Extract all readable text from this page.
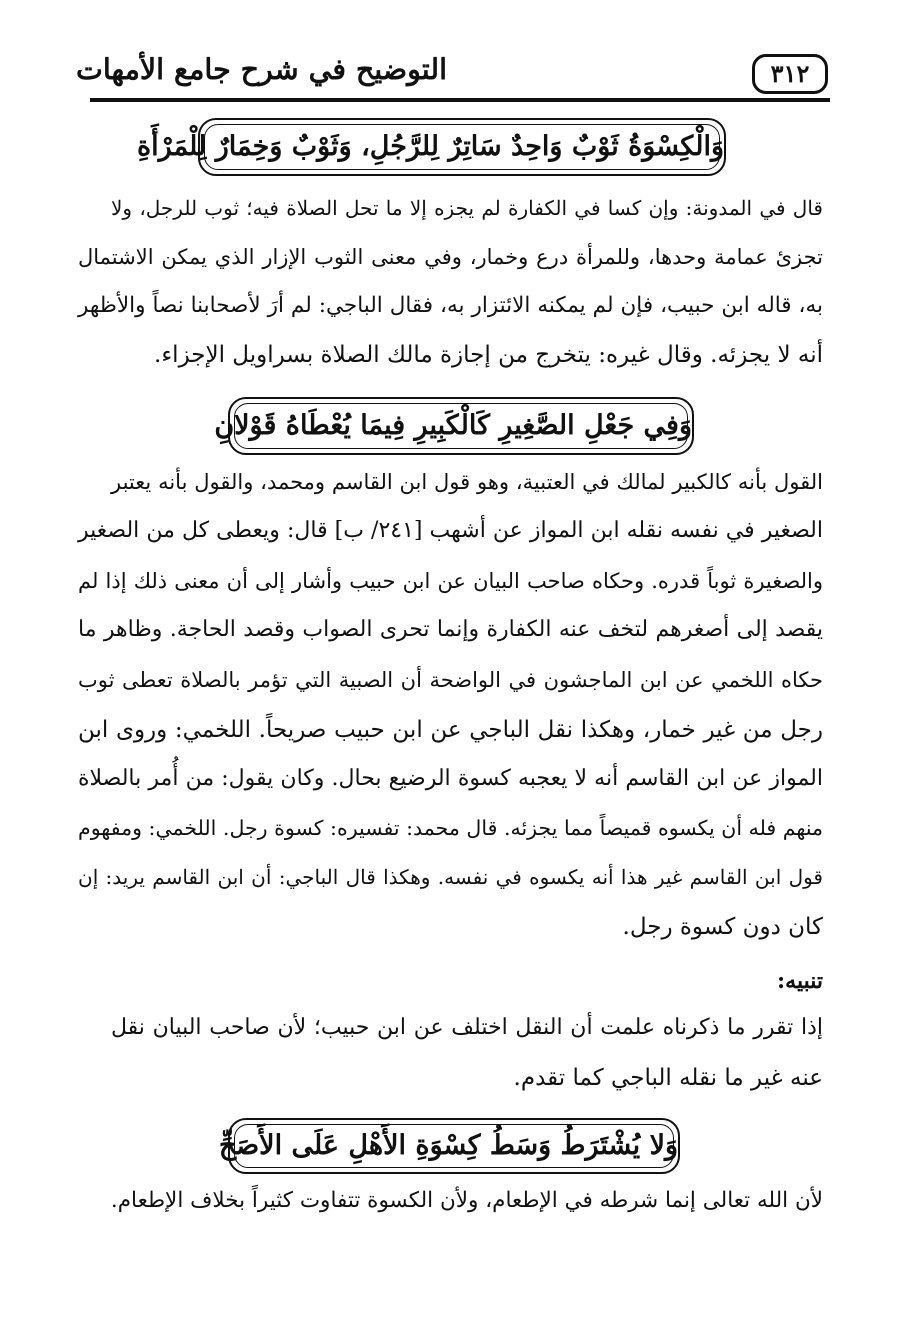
التوضيح في شرح جامع الأمهات	٣١٢
وَالْكِسْوَةُ ثَوْبٌ وَاحِدٌ سَاتِرٌ لِلرَّجُلِ، وَثَوْبٌ وَخِمَارٌ لِلْمَرْأَةِ
قال في المدونة: وإن كسا في الكفارة لم يجزه إلا ما تحل الصلاة فيه؛ ثوب للرجل، ولا
تجزئ عمامة وحدها، وللمرأة درع وخمار، وفي معنى الثوب الإزار الذي يمكن الاشتمال
به، قاله ابن حبيب، فإن لم يمكنه الائتزار به، فقال الباجي: لم أرَ لأصحابنا نصاً والأظهر
أنه لا يجزئه. وقال غيره: يتخرج من إجازة مالك الصلاة بسراويل الإجزاء.
وَفِي جَعْلِ الصَّغِيرِ كَالْكَبِيرِ فِيمَا يُعْطَاهُ قَوْلانِ
القول بأنه كالكبير لمالك في العتبية، وهو قول ابن القاسم ومحمد، والقول بأنه يعتبر
الصغير في نفسه نقله ابن المواز عن أشهب [٢٤١/ ب] قال: ويعطى كل من الصغير
والصغيرة ثوباً قدره. وحكاه صاحب البيان عن ابن حبيب وأشار إلى أن معنى ذلك إذا لم
يقصد إلى أصغرهم لتخف عنه الكفارة وإنما تحرى الصواب وقصد الحاجة. وظاهر ما
حكاه اللخمي عن ابن الماجشون في الواضحة أن الصبية التي تؤمر بالصلاة تعطى ثوب
رجل من غير خمار، وهكذا نقل الباجي عن ابن حبيب صريحاً. اللخمي: وروى ابن
المواز عن ابن القاسم أنه لا يعجبه كسوة الرضيع بحال. وكان يقول: من أُمر بالصلاة
منهم فله أن يكسوه قميصاً مما يجزئه. قال محمد: تفسيره: كسوة رجل. اللخمي: ومفهوم
قول ابن القاسم غير هذا أنه يكسوه في نفسه. وهكذا قال الباجي: أن ابن القاسم يريد: إن
كان دون كسوة رجل.
تنبيه:
إذا تقرر ما ذكرناه علمت أن النقل اختلف عن ابن حبيب؛ لأن صاحب البيان نقل
عنه غير ما نقله الباجي كما تقدم.
وَلا يُشْتَرَطُ وَسَطُ كِسْوَةِ الأَهْلِ عَلَى الأَصَحِّ
لأن الله تعالى إنما شرطه في الإطعام، ولأن الكسوة تتفاوت كثيراً بخلاف الإطعام.
